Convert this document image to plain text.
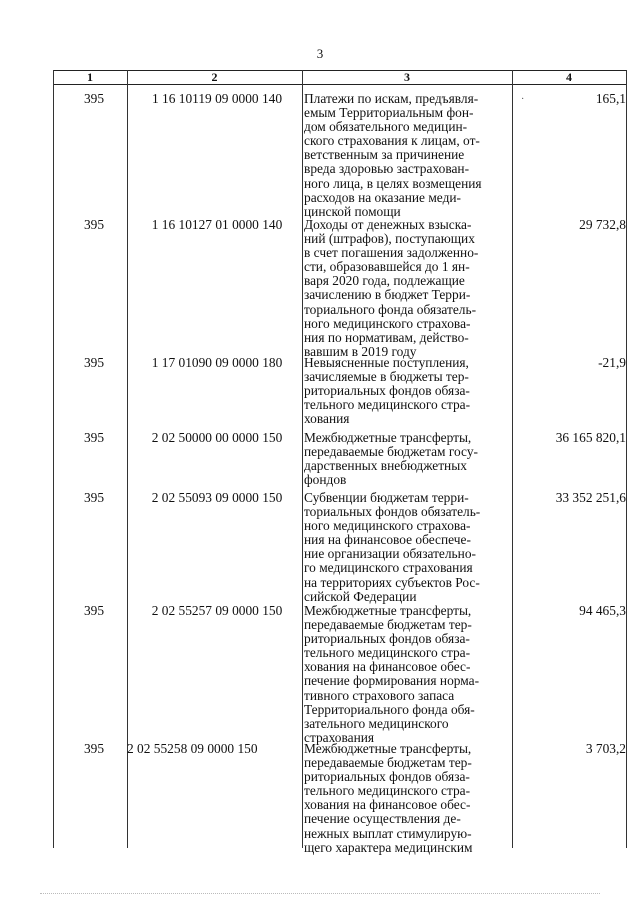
3
1	2	3	4
395	1 16 10119 09 0000 140	Платежи по искам, предъявля-
емым Территориальным фон-
дом обязательного медицин-
ского страхования к лицам, от-
ветственным за причинение
вреда здоровью застрахован-
ного лица, в целях возмещения
расходов на оказание меди-
цинской помощи
·	165,1
395	1 16 10127 01 0000 140	Доходы от денежных взыска-
ний (штрафов), поступающих
в счет погашения задолженно-
сти, образовавшейся до 1 ян-
варя 2020 года, подлежащие
зачислению в бюджет Терри-
ториального фонда обязатель-
ного медицинского страхова-
ния по нормативам, действо-
вавшим в 2019 году
29 732,8
395	1 17 01090 09 0000 180	Невыясненные поступления,
зачисляемые в бюджеты тер-
риториальных фондов обяза-
тельного медицинского стра-
хования
-21,9
395	2 02 50000 00 0000 150	Межбюджетные трансферты,
передаваемые бюджетам госу-
дарственных внебюджетных
фондов
36 165 820,1
395	2 02 55093 09 0000 150	Субвенции бюджетам терри-
ториальных фондов обязатель-
ного медицинского страхова-
ния на финансовое обеспече-
ние организации обязательно-
го медицинского страхования
на территориях субъектов Рос-
сийской Федерации
33 352 251,6
395	2 02 55257 09 0000 150	Межбюджетные трансферты,
передаваемые бюджетам тер-
риториальных фондов обяза-
тельного медицинского стра-
хования на финансовое обес-
печение формирования норма-
тивного страхового запаса
Территориального фонда обя-
зательного медицинского
страхования
94 465,3
395	2 02 55258 09 0000 150	Межбюджетные трансферты,
передаваемые бюджетам тер-
риториальных фондов обяза-
тельного медицинского стра-
хования на финансовое обес-
печение осуществления де-
нежных выплат стимулирую-
щего характера медицинским
3 703,2
